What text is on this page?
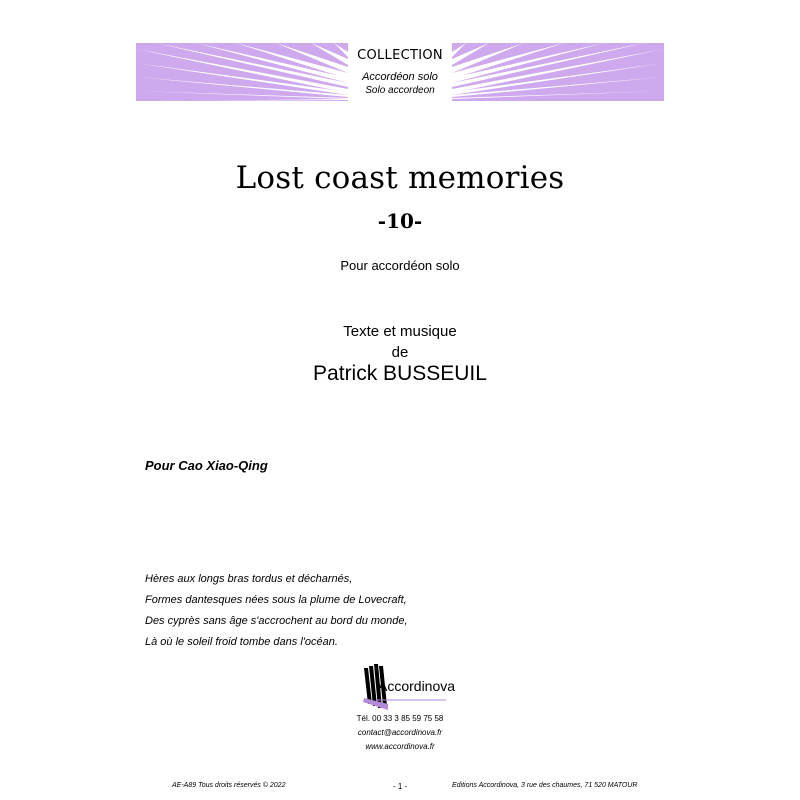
COLLECTION
Accordéon solo
Solo accordeon
Lost coast memories
-10-
Pour accordéon solo
Texte et musique
de
Patrick BUSSEUIL
Pour Cao Xiao-Qing
Hères aux longs bras tordus et décharnés,
Formes dantesques nées sous la plume de Lovecraft,
Des cyprès sans âge s'accrochent au bord du monde,
Là où le soleil froid tombe dans l'océan.
Accordinova
Tél. 00 33 3 85 59 75 58
contact@accordinova.fr
www.accordinova.fr
AE-A89 Tous droits réservés © 2022	- 1 -	Editions Accordinova, 3 rue des chaumes, 71 520 MATOUR
